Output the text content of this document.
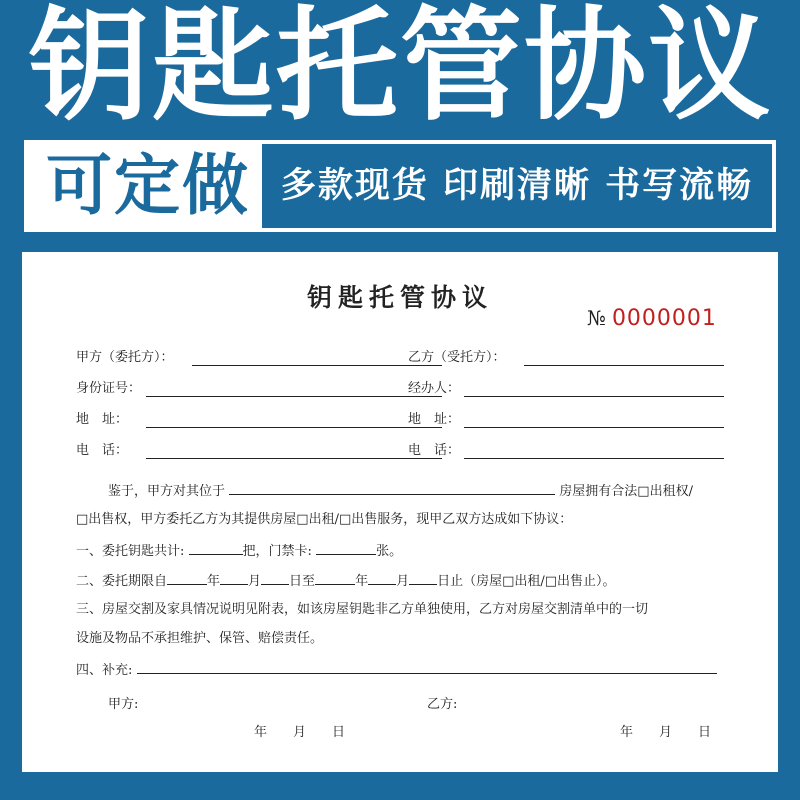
钥匙托管协议
可定做 多款现货 印刷清晰 书写流畅
钥匙托管协议
№ 0000001
甲方（委托方）：	乙方（受托方）：
身份证号：	经办人：
地　址：	地　址：
电　话：	电　话：
鉴于，甲方对其位于	房屋拥有合法□出租权/
□出售权，甲方委托乙方为其提供房屋□出租/□出售服务，现甲乙双方达成如下协议：
一、委托钥匙共计:	把，门禁卡:	张。
二、委托期限自	年 月 日至	年 月 日止（房屋□出租/□出售止）。
三、房屋交割及家具情况说明见附表，如该房屋钥匙非乙方单独使用，乙方对房屋交割清单中的一切
设施及物品不承担维护、保管、赔偿责任。
四、补充:
甲方:	乙方:
年　　月　　日	年　　月　　日
